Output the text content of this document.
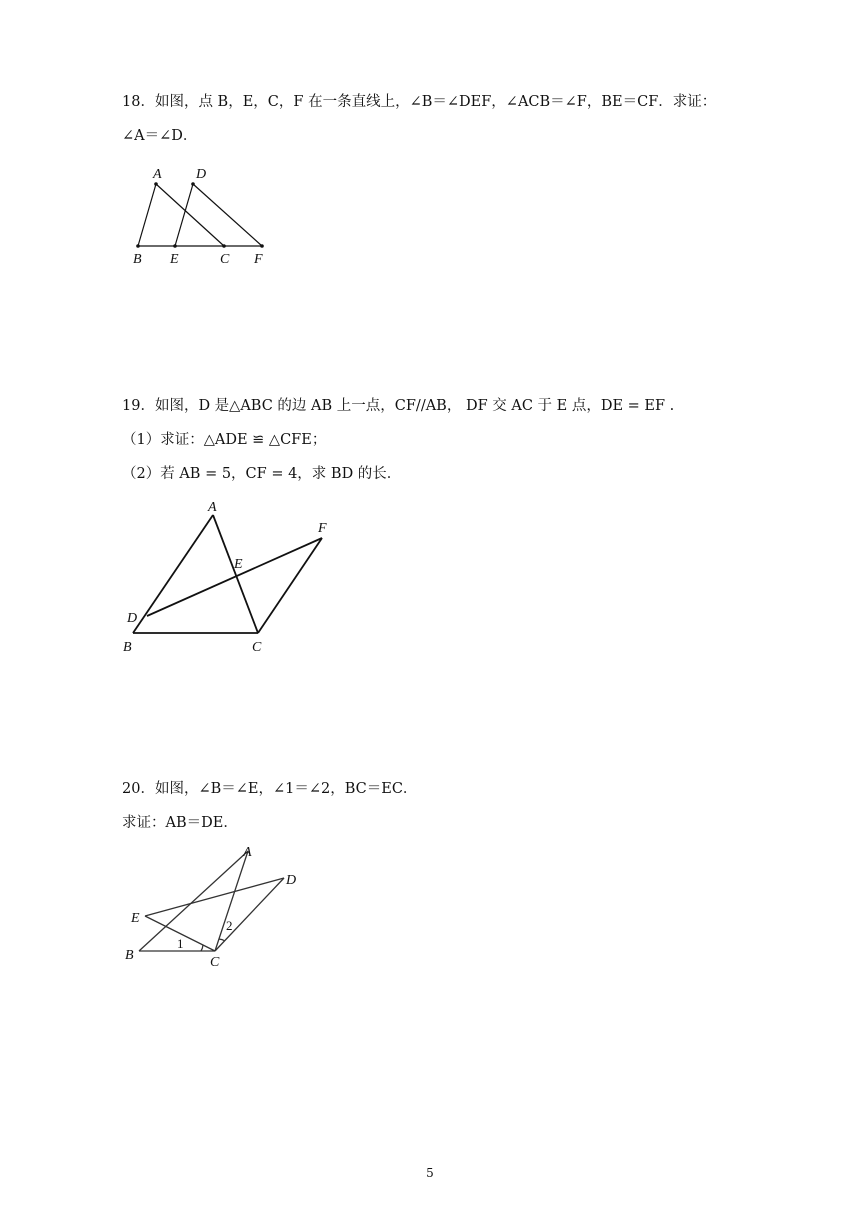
18．如图，点 B，E，C，F 在一条直线上，∠B＝∠DEF，∠ACB＝∠F，BE＝CF．求证：
∠A＝∠D．
A D
B E	C F
19．如图，D 是△ABC 的边 AB 上一点，CF//AB， DF 交 AC 于 E 点，DE = EF .
（1）求证：△ADE ≌ △CFE；
（2）若 AB = 5，CF = 4，求 BD 的长．
A
F
E
D
B	C
20．如图，∠B＝∠E，∠1＝∠2，BC＝EC．
求证：AB＝DE．
A
D
E
B	C
1
2
5
